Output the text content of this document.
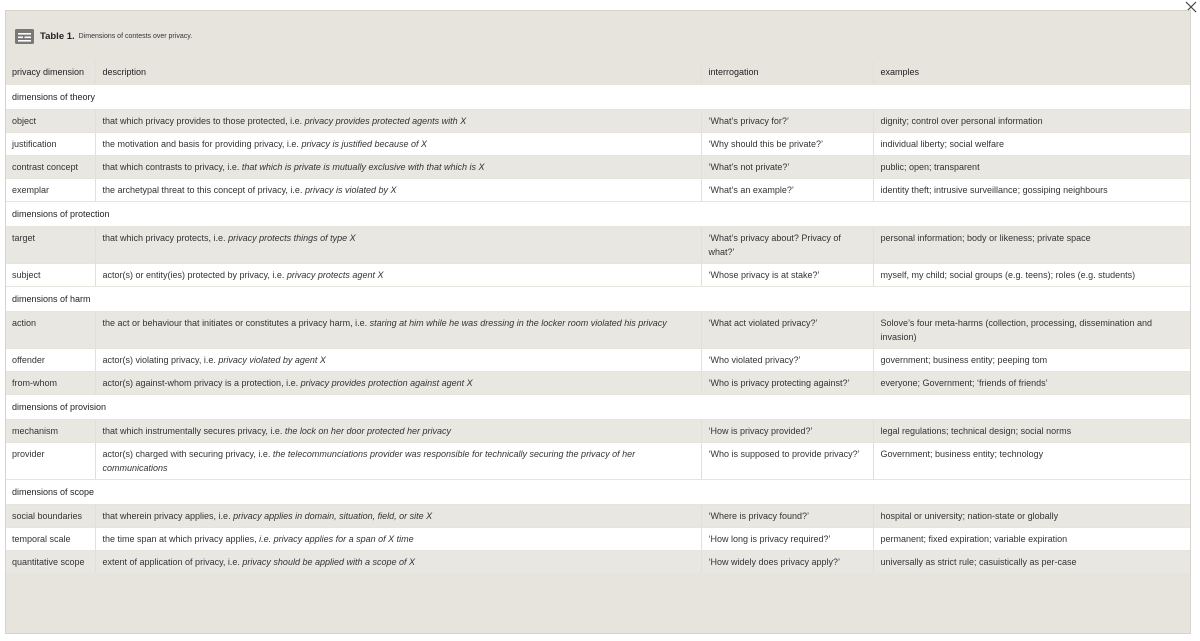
Table 1. Dimensions of contests over privacy.
privacy dimension	description	interrogation	examples
dimensions of theory			
object	that which privacy provides to those protected, i.e. privacy provides protected agents with X	‘What’s privacy for?’	dignity; control over personal information
justification	the motivation and basis for providing privacy, i.e. privacy is justified because of X	‘Why should this be private?’	individual liberty; social welfare
contrast concept	that which contrasts to privacy, i.e. that which is private is mutually exclusive with that which is X	‘What’s not private?’	public; open; transparent
exemplar	the archetypal threat to this concept of privacy, i.e. privacy is violated by X	‘What’s an example?’	identity theft; intrusive surveillance; gossiping neighbours
dimensions of protection			
target	that which privacy protects, i.e. privacy protects things of type X	‘What’s privacy about? Privacy of what?’	personal information; body or likeness; private space
subject	actor(s) or entity(ies) protected by privacy, i.e. privacy protects agent X	‘Whose privacy is at stake?’	myself, my child; social groups (e.g. teens); roles (e.g. students)
dimensions of harm			
action	the act or behaviour that initiates or constitutes a privacy harm, i.e. staring at him while he was dressing in the locker room violated his privacy	‘What act violated privacy?’	Solove’s four meta-harms (collection, processing, dissemination and invasion)
offender	actor(s) violating privacy, i.e. privacy violated by agent X	‘Who violated privacy?’	government; business entity; peeping tom
from-whom	actor(s) against-whom privacy is a protection, i.e. privacy provides protection against agent X	‘Who is privacy protecting against?’	everyone; Government; ‘friends of friends’
dimensions of provision			
mechanism	that which instrumentally secures privacy, i.e. the lock on her door protected her privacy	‘How is privacy provided?’	legal regulations; technical design; social norms
provider	actor(s) charged with securing privacy, i.e. the telecommunciations provider was responsible for technically securing the privacy of her communications	‘Who is supposed to provide privacy?’	Government; business entity; technology
dimensions of scope			
social boundaries	that wherein privacy applies, i.e. privacy applies in domain, situation, field, or site X	‘Where is privacy found?’	hospital or university; nation-state or globally
temporal scale	the time span at which privacy applies, i.e. privacy applies for a span of X time	‘How long is privacy required?’	permanent; fixed expiration; variable expiration
quantitative scope	extent of application of privacy, i.e. privacy should be applied with a scope of X	‘How widely does privacy apply?’	universally as strict rule; casuistically as per-case
